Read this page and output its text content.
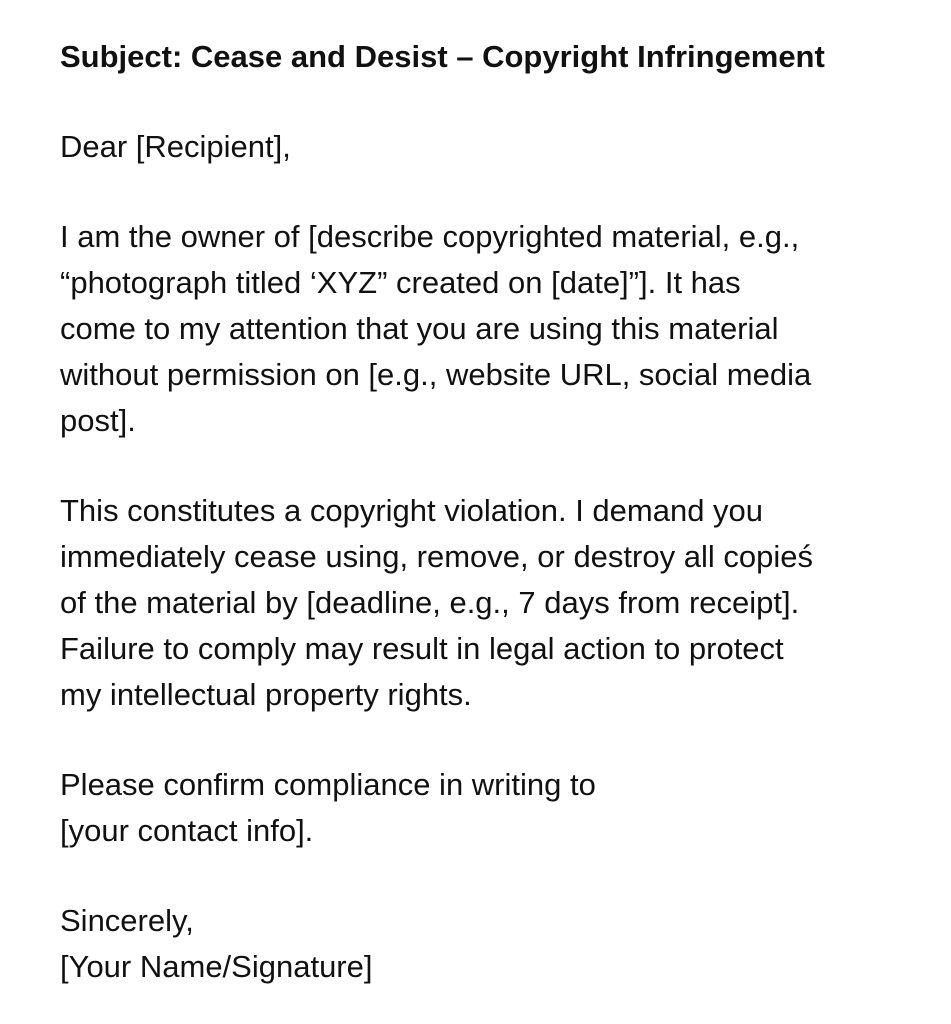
Subject: Cease and Desist – Copyright Infringement

Dear [Recipient],

I am the owner of [describe copyrighted material, e.g.,
“photograph titled ‘XYZ” created on [date]”]. It has
come to my attention that you are using this material
without permission on [e.g., website URL, social media
post].

This constitutes a copyright violation. I demand you
immediately cease using, remove, or destroy all copieś
of the material by [deadline, e.g., 7 days from receipt].
Failure to comply may result in legal action to protect
my intellectual property rights.

Please confirm compliance in writing to
[your contact info].

Sincerely,

[Your Name/Signature]
